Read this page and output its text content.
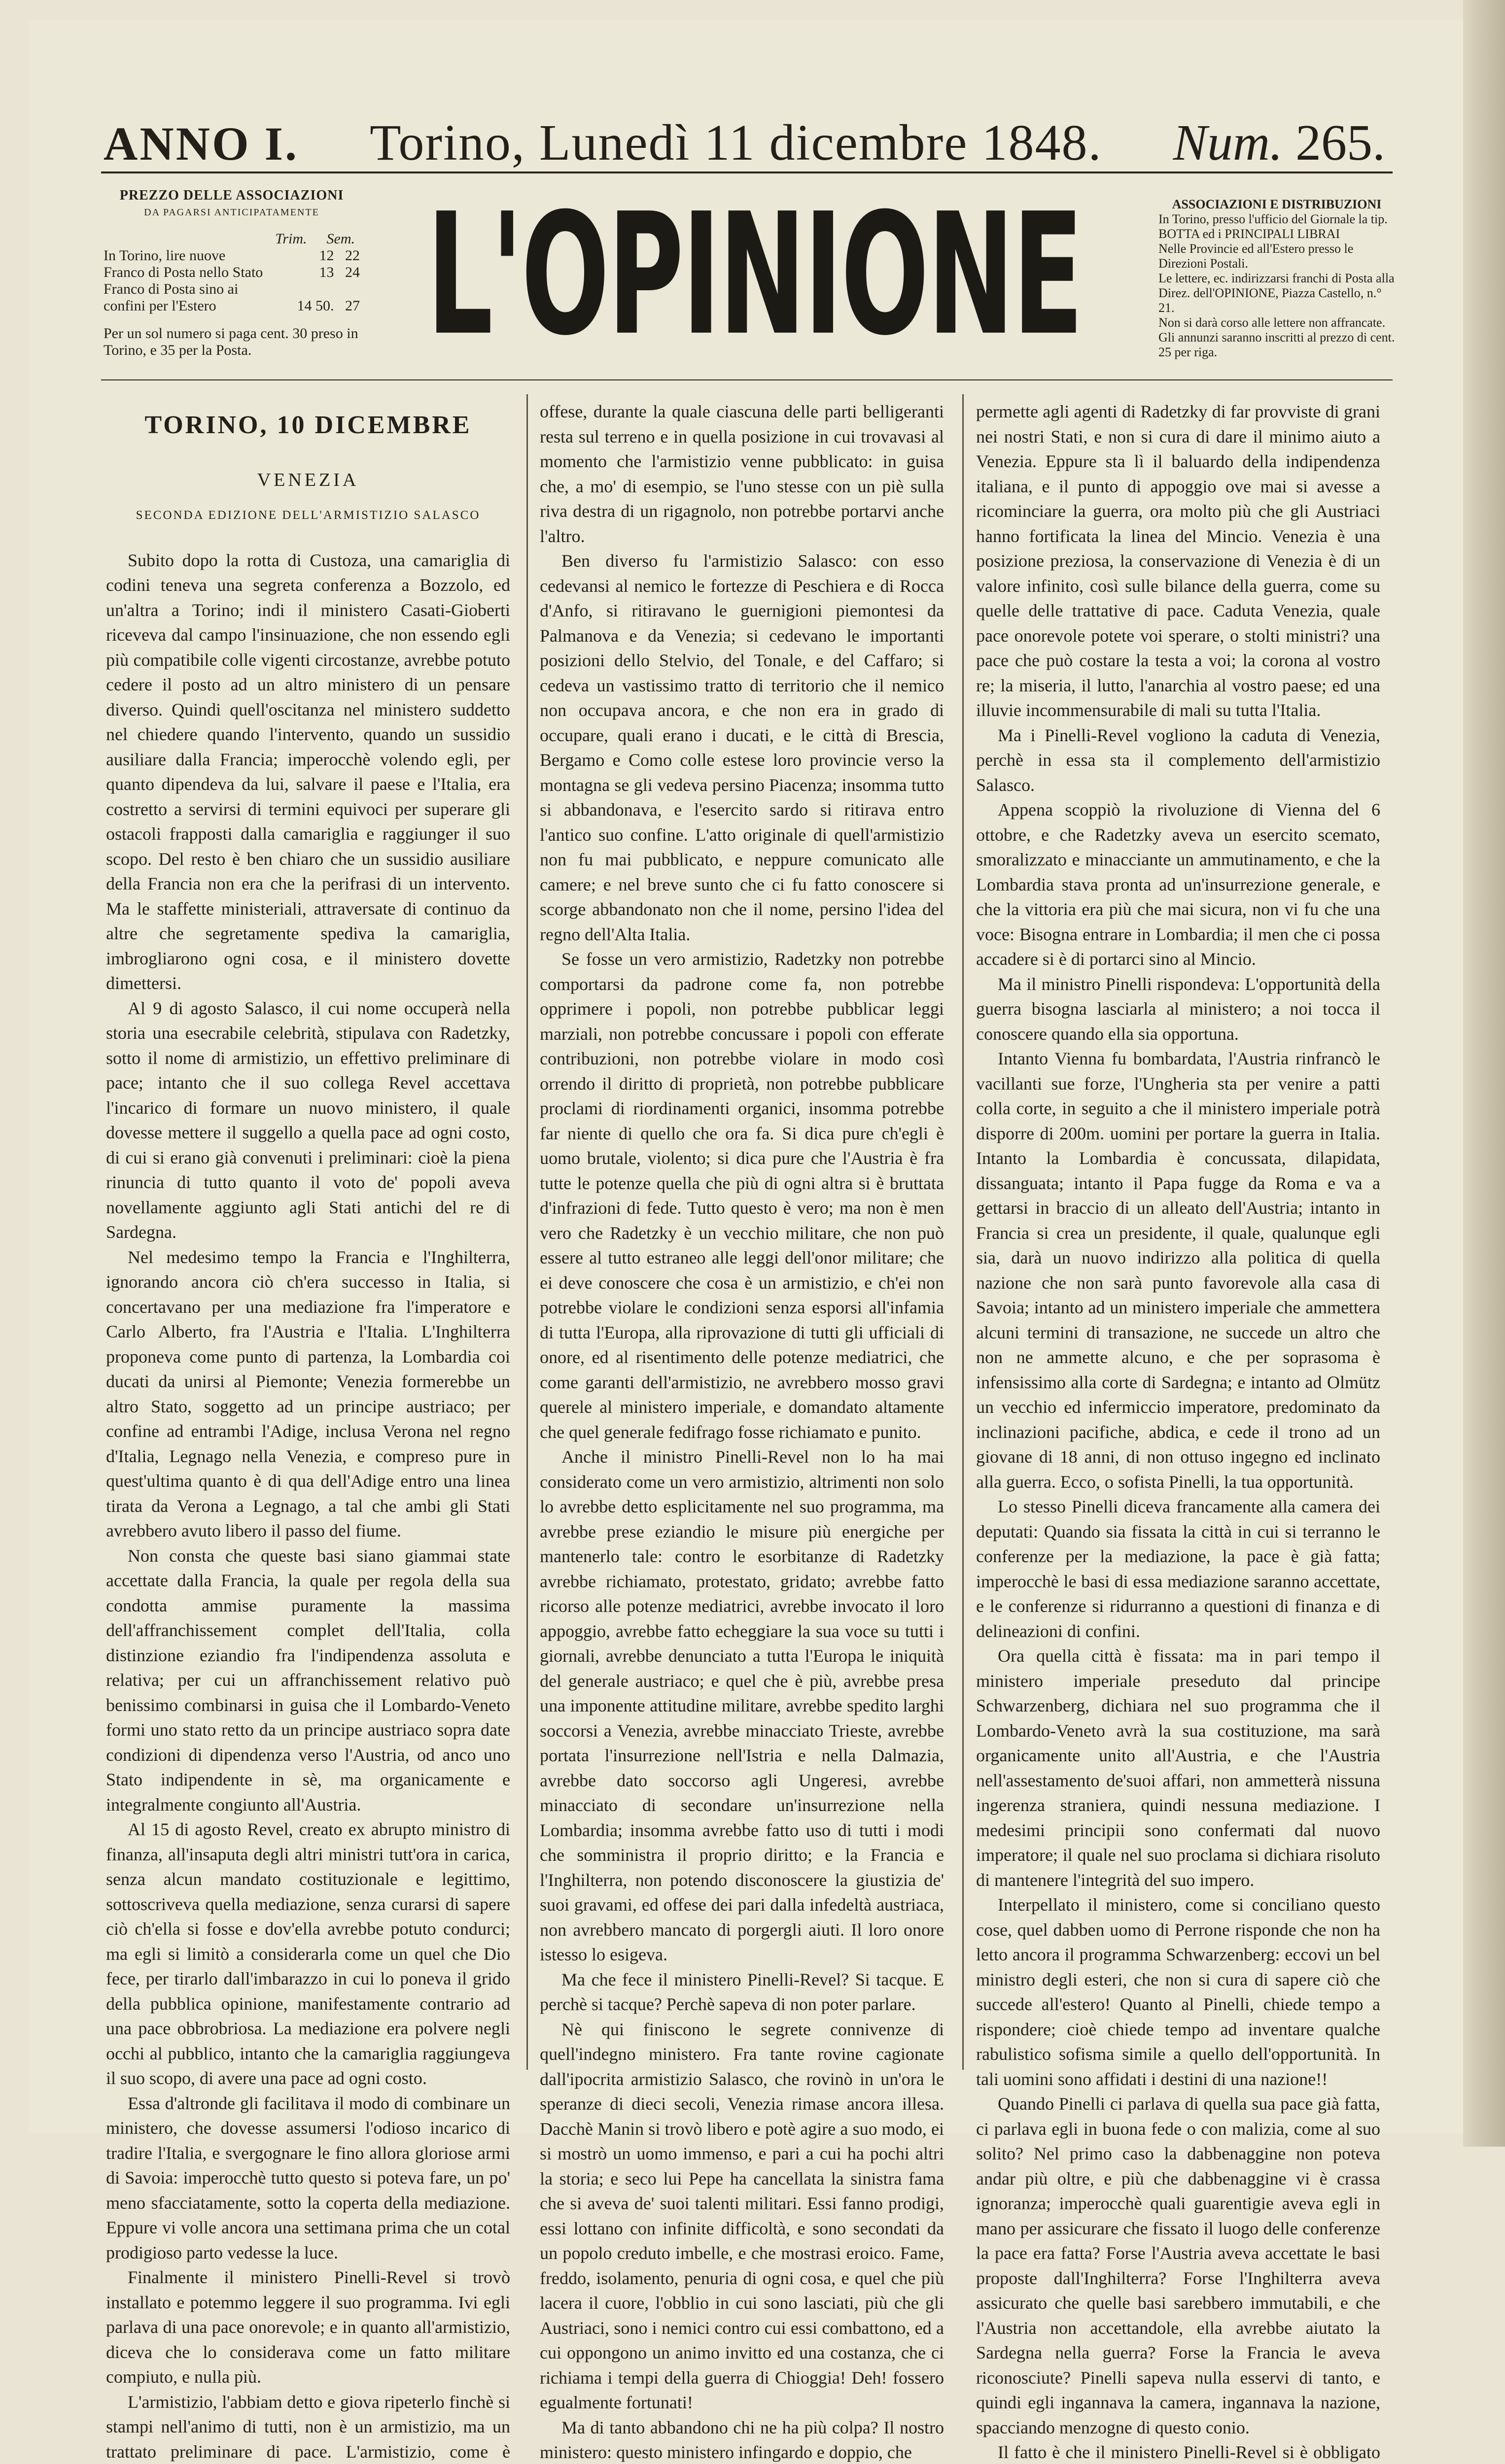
ANNO I. Torino, Lunedì 11 dicembre 1848. Num. 265.
PREZZO DELLE ASSOCIAZIONI
DA PAGARSI ANTICIPATAMENTE
Trim. Sem.
In Torino, lire nuove	12 22
Franco di Posta nello Stato	13 24
Franco di Posta sino ai confini per l'Estero	14 50. 27
Per un sol numero si paga cent. 30 preso in Torino, e 35 per la Posta.	L'OPINIONE	ASSOCIAZIONI E DISTRIBUZIONI

In Torino, presso l'ufficio del Giornale la tip. BOTTA ed i PRINCIPALI LIBRAI

Nelle Provincie ed all'Estero presso le Direzioni Postali.

Le lettere, ec. indirizzarsi franchi di Posta alla Direz. dell'OPINIONE, Piazza Castello, n.° 21.

Non si darà corso alle lettere non affrancate.

Gli annunzi saranno inscritti al prezzo di cent. 25 per riga.

TORINO, 10 DICEMBRE
VENEZIA
SECONDA EDIZIONE DELL'ARMISTIZIO SALASCO

Subito dopo la rotta di Custoza, una camariglia di codini teneva una segreta conferenza a Bozzolo, ed un'altra a Torino; indi il ministero Casati-Gioberti riceveva dal campo l'insinuazione, che non essendo egli più compatibile colle vigenti circostanze, avrebbe potuto cedere il posto ad un altro ministero di un pensare diverso. Quindi quell'oscitanza nel ministero suddetto nel chiedere quando l'intervento, quando un sussidio ausiliare dalla Francia; imperocchè volendo egli, per quanto dipendeva da lui, salvare il paese e l'Italia, era costretto a servirsi di termini equivoci per superare gli ostacoli frapposti dalla camariglia e raggiunger il suo scopo. Del resto è ben chiaro che un sussidio ausiliare della Francia non era che la perifrasi di un intervento. Ma le staffette ministeriali, attraversate di continuo da altre che segretamente spediva la camariglia, imbrogliarono ogni cosa, e il ministero dovette dimettersi.

Al 9 di agosto Salasco, il cui nome occuperà nella storia una esecrabile celebrità, stipulava con Radetzky, sotto il nome di armistizio, un effettivo preliminare di pace; intanto che il suo collega Revel accettava l'incarico di formare un nuovo ministero, il quale dovesse mettere il suggello a quella pace ad ogni costo, di cui si erano già convenuti i preliminari: cioè la piena rinuncia di tutto quanto il voto de' popoli aveva novellamente aggiunto agli Stati antichi del re di Sardegna.

Nel medesimo tempo la Francia e l'Inghilterra, ignorando ancora ciò ch'era successo in Italia, si concertavano per una mediazione fra l'imperatore e Carlo Alberto, fra l'Austria e l'Italia. L'Inghilterra proponeva come punto di partenza, la Lombardia coi ducati da unirsi al Piemonte; Venezia formerebbe un altro Stato, soggetto ad un principe austriaco; per confine ad entrambi l'Adige, inclusa Verona nel regno d'Italia, Legnago nella Venezia, e compreso pure in quest'ultima quanto è di qua dell'Adige entro una linea tirata da Verona a Legnago, a tal che ambi gli Stati avrebbero avuto libero il passo del fiume.

Non consta che queste basi siano giammai state accettate dalla Francia, la quale per regola della sua condotta ammise puramente la massima dell'affranchissement complet dell'Italia, colla distinzione eziandio fra l'indipendenza assoluta e relativa; per cui un affranchissement relativo può benissimo combinarsi in guisa che il Lombardo-Veneto formi uno stato retto da un principe austriaco sopra date condizioni di dipendenza verso l'Austria, od anco uno Stato indipendente in sè, ma organicamente e integralmente congiunto all'Austria.

Al 15 di agosto Revel, creato ex abrupto ministro di finanza, all'insaputa degli altri ministri tutt'ora in carica, senza alcun mandato costituzionale e legittimo, sottoscriveva quella mediazione, senza curarsi di sapere ciò ch'ella si fosse e dov'ella avrebbe potuto condurci; ma egli si limitò a considerarla come un quel che Dio fece, per tirarlo dall'imbarazzo in cui lo poneva il grido della pubblica opinione, manifestamente contrario ad una pace obbrobriosa. La mediazione era polvere negli occhi al pubblico, intanto che la camariglia raggiungeva il suo scopo, di avere una pace ad ogni costo.

Essa d'altronde gli facilitava il modo di combinare un ministero, che dovesse assumersi l'odioso incarico di tradire l'Italia, e svergognare le fino allora gloriose armi di Savoia: imperocchè tutto questo si poteva fare, un po' meno sfacciatamente, sotto la coperta della mediazione. Eppure vi volle ancora una settimana prima che un cotal prodigioso parto vedesse la luce.

Finalmente il ministero Pinelli-Revel si trovò installato e potemmo leggere il suo programma. Ivi egli parlava di una pace onorevole; e in quanto all'armistizio, diceva che lo considerava come un fatto militare compiuto, e nulla più.

L'armistizio, l'abbiam detto e giova ripeterlo finchè si stampi nell'animo di tutti, non è un armistizio, ma un trattato preliminare di pace. L'armistizio, come è

offese, durante la quale ciascuna delle parti belligeranti resta sul terreno e in quella posizione in cui trovavasi al momento che l'armistizio venne pubblicato: in guisa che, a mo' di esempio, se l'uno stesse con un piè sulla riva destra di un rigagnolo, non potrebbe portarvi anche l'altro.

Ben diverso fu l'armistizio Salasco: con esso cedevansi al nemico le fortezze di Peschiera e di Rocca d'Anfo, si ritiravano le guernigioni piemontesi da Palmanova e da Venezia; si cedevano le importanti posizioni dello Stelvio, del Tonale, e del Caffaro; si cedeva un vastissimo tratto di territorio che il nemico non occupava ancora, e che non era in grado di occupare, quali erano i ducati, e le città di Brescia, Bergamo e Como colle estese loro provincie verso la montagna se gli vedeva persino Piacenza; insomma tutto si abbandonava, e l'esercito sardo si ritirava entro l'antico suo confine. L'atto originale di quell'armistizio non fu mai pubblicato, e neppure comunicato alle camere; e nel breve sunto che ci fu fatto conoscere si scorge abbandonato non che il nome, persino l'idea del regno dell'Alta Italia.

Se fosse un vero armistizio, Radetzky non potrebbe comportarsi da padrone come fa, non potrebbe opprimere i popoli, non potrebbe pubblicar leggi marziali, non potrebbe concussare i popoli con efferate contribuzioni, non potrebbe violare in modo così orrendo il diritto di proprietà, non potrebbe pubblicare proclami di riordinamenti organici, insomma potrebbe far niente di quello che ora fa. Si dica pure ch'egli è uomo brutale, violento; si dica pure che l'Austria è fra tutte le potenze quella che più di ogni altra si è bruttata d'infrazioni di fede. Tutto questo è vero; ma non è men vero che Radetzky è un vecchio militare, che non può essere al tutto estraneo alle leggi dell'onor militare; che ei deve conoscere che cosa è un armistizio, e ch'ei non potrebbe violare le condizioni senza esporsi all'infamia di tutta l'Europa, alla riprovazione di tutti gli ufficiali di onore, ed al risentimento delle potenze mediatrici, che come garanti dell'armistizio, ne avrebbero mosso gravi querele al ministero imperiale, e domandato altamente che quel generale fedifrago fosse richiamato e punito.

Anche il ministro Pinelli-Revel non lo ha mai considerato come un vero armistizio, altrimenti non solo lo avrebbe detto esplicitamente nel suo programma, ma avrebbe prese eziandio le misure più energiche per mantenerlo tale: contro le esorbitanze di Radetzky avrebbe richiamato, protestato, gridato; avrebbe fatto ricorso alle potenze mediatrici, avrebbe invocato il loro appoggio, avrebbe fatto echeggiare la sua voce su tutti i giornali, avrebbe denunciato a tutta l'Europa le iniquità del generale austriaco; e quel che è più, avrebbe presa una imponente attitudine militare, avrebbe spedito larghi soccorsi a Venezia, avrebbe minacciato Trieste, avrebbe portata l'insurrezione nell'Istria e nella Dalmazia, avrebbe dato soccorso agli Ungeresi, avrebbe minacciato di secondare un'insurrezione nella Lombardia; insomma avrebbe fatto uso di tutti i modi che somministra il proprio diritto; e la Francia e l'Inghilterra, non potendo disconoscere la giustizia de' suoi gravami, ed offese dei pari dalla infedeltà austriaca, non avrebbero mancato di porgergli aiuti. Il loro onore istesso lo esigeva.

Ma che fece il ministero Pinelli-Revel? Si tacque. E perchè si tacque? Perchè sapeva di non poter parlare.

Nè qui finiscono le segrete connivenze di quell'indegno ministero. Fra tante rovine cagionate dall'ipocrita armistizio Salasco, che rovinò in un'ora le speranze di dieci secoli, Venezia rimase ancora illesa. Dacchè Manin si trovò libero e potè agire a suo modo, ei si mostrò un uomo immenso, e pari a cui ha pochi altri la storia; e seco lui Pepe ha cancellata la sinistra fama che si aveva de' suoi talenti militari. Essi fanno prodigi, essi lottano con infinite difficoltà, e sono secondati da un popolo creduto imbelle, e che mostrasi eroico. Fame, freddo, isolamento, penuria di ogni cosa, e quel che più lacera il cuore, l'obblio in cui sono lasciati, più che gli Austriaci, sono i nemici contro cui essi combattono, ed a cui oppongono un animo invitto ed una costanza, che ci richiama i tempi della guerra di Chioggia! Deh! fossero egualmente fortunati!

Ma di tanto abbandono chi ne ha più colpa? Il nostro ministero: questo ministero infingardo e doppio, che

permette agli agenti di Radetzky di far provviste di grani nei nostri Stati, e non si cura di dare il minimo aiuto a Venezia. Eppure sta lì il baluardo della indipendenza italiana, e il punto di appoggio ove mai si avesse a ricominciare la guerra, ora molto più che gli Austriaci hanno fortificata la linea del Mincio. Venezia è una posizione preziosa, la conservazione di Venezia è di un valore infinito, così sulle bilance della guerra, come su quelle delle trattative di pace. Caduta Venezia, quale pace onorevole potete voi sperare, o stolti ministri? una pace che può costare la testa a voi; la corona al vostro re; la miseria, il lutto, l'anarchia al vostro paese; ed una illuvie incommensurabile di mali su tutta l'Italia.

Ma i Pinelli-Revel vogliono la caduta di Venezia, perchè in essa sta il complemento dell'armistizio Salasco.

Appena scoppiò la rivoluzione di Vienna del 6 ottobre, e che Radetzky aveva un esercito scemato, smoralizzato e minacciante un ammutinamento, e che la Lombardia stava pronta ad un'insurrezione generale, e che la vittoria era più che mai sicura, non vi fu che una voce: Bisogna entrare in Lombardia; il men che ci possa accadere si è di portarci sino al Mincio.

Ma il ministro Pinelli rispondeva: L'opportunità della guerra bisogna lasciarla al ministero; a noi tocca il conoscere quando ella sia opportuna.

Intanto Vienna fu bombardata, l'Austria rinfrancò le vacillanti sue forze, l'Ungheria sta per venire a patti colla corte, in seguito a che il ministero imperiale potrà disporre di 200m. uomini per portare la guerra in Italia. Intanto la Lombardia è concussata, dilapidata, dissanguata; intanto il Papa fugge da Roma e va a gettarsi in braccio di un alleato dell'Austria; intanto in Francia si crea un presidente, il quale, qualunque egli sia, darà un nuovo indirizzo alla politica di quella nazione che non sarà punto favorevole alla casa di Savoia; intanto ad un ministero imperiale che ammettera alcuni termini di transazione, ne succede un altro che non ne ammette alcuno, e che per soprasoma è infensissimo alla corte di Sardegna; e intanto ad Olmütz un vecchio ed infermiccio imperatore, predominato da inclinazioni pacifiche, abdica, e cede il trono ad un giovane di 18 anni, di non ottuso ingegno ed inclinato alla guerra. Ecco, o sofista Pinelli, la tua opportunità.

Lo stesso Pinelli diceva francamente alla camera dei deputati: Quando sia fissata la città in cui si terranno le conferenze per la mediazione, la pace è già fatta; imperocchè le basi di essa mediazione saranno accettate, e le conferenze si ridurranno a questioni di finanza e di delineazioni di confini.

Ora quella città è fissata: ma in pari tempo il ministero imperiale preseduto dal principe Schwarzenberg, dichiara nel suo programma che il Lombardo-Veneto avrà la sua costituzione, ma sarà organicamente unito all'Austria, e che l'Austria nell'assestamento de'suoi affari, non ammetterà nissuna ingerenza straniera, quindi nessuna mediazione. I medesimi principii sono confermati dal nuovo imperatore; il quale nel suo proclama si dichiara risoluto di mantenere l'integrità del suo impero.

Interpellato il ministero, come si conciliano questo cose, quel dabben uomo di Perrone risponde che non ha letto ancora il programma Schwarzenberg: eccovi un bel ministro degli esteri, che non si cura di sapere ciò che succede all'estero! Quanto al Pinelli, chiede tempo a rispondere; cioè chiede tempo ad inventare qualche rabulistico sofisma simile a quello dell'opportunità. In tali uomini sono affidati i destini di una nazione!!

Quando Pinelli ci parlava di quella sua pace già fatta, ci parlava egli in buona fede o con malizia, come al suo solito? Nel primo caso la dabbenaggine non poteva andar più oltre, e più che dabbenaggine vi è crassa ignoranza; imperocchè quali guarentigie aveva egli in mano per assicurare che fissato il luogo delle conferenze la pace era fatta? Forse l'Austria aveva accettate le basi proposte dall'Inghilterra? Forse l'Inghilterra aveva assicurato che quelle basi sarebbero immutabili, e che l'Austria non accettandole, ella avrebbe aiutato la Sardegna nella guerra? Forse la Francia le aveva riconosciute? Pinelli sapeva nulla esservi di tanto, e quindi egli ingannava la camera, ingannava la nazione, spacciando menzogne di questo conio.

Il fatto è che il ministero Pinelli-Revel si è obbligato
